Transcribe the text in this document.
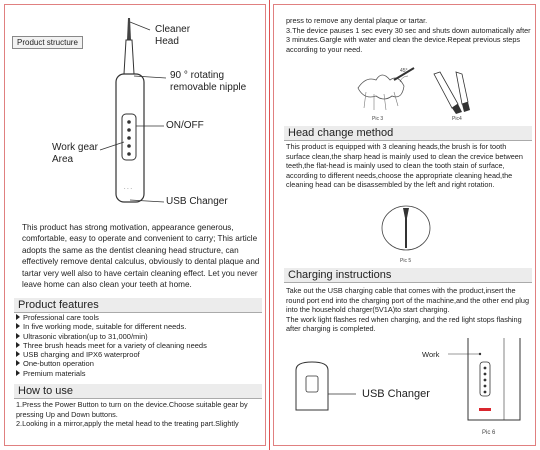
Product structure
· · ·
Cleaner
Head
90 ° rotating
removable nipple
ON/OFF
Work gear
Area
USB Changer
This product has strong motivation, appearance generous, comfortable, easy to operate and convenient to carry; This article adopts the same as the dentist cleaning head structure, can effectively remove dental calculus, obviously to dental plaque and tartar very well also to have certain cleaning effect. Let you never leave home can also clean your teeth at home.
Product features
Professional care tools
In five working mode, suitable for different needs.
Ultrasonic vibration(up to 31,000/min)
Three brush heads meet for a variety of cleaning needs
USB charging and IPX6 waterproof
One-button operation
Premium materials
How to use
1.Press the Power Button to turn on the device.Choose suitable gear by pressing Up and Down buttons.
2.Looking in a mirror,apply the metal head to the treating part.Slightly
press to remove any dental plaque or tartar.
3.The device pauses 1 sec every 30 sec and shuts down automatically after 3 minutes.Gargle with water and clean the device.Repeat previous steps according to your need.
45°
Pic 3	Pic4
Head change method
This product is equipped with 3 cleaning heads,the brush is for tooth surface clean,the sharp head is mainly used to clean the crevice between teeth,the flat-head is mainly used to clean the tooth stain of surface, according to different needs,choose the appropriate cleaning head,the cleaning head can be disassembled by the left and right rotation.
Pic 5
Charging instructions
Take out the USB charging cable that comes with the product,insert the round port end into the charging port of the machine,and the other end plug into the household charger(5V1A)to start charging.
The work light flashes red when charging, and the red light stops flashing after charging is completed.
USB Changer
Work
Pic 6
